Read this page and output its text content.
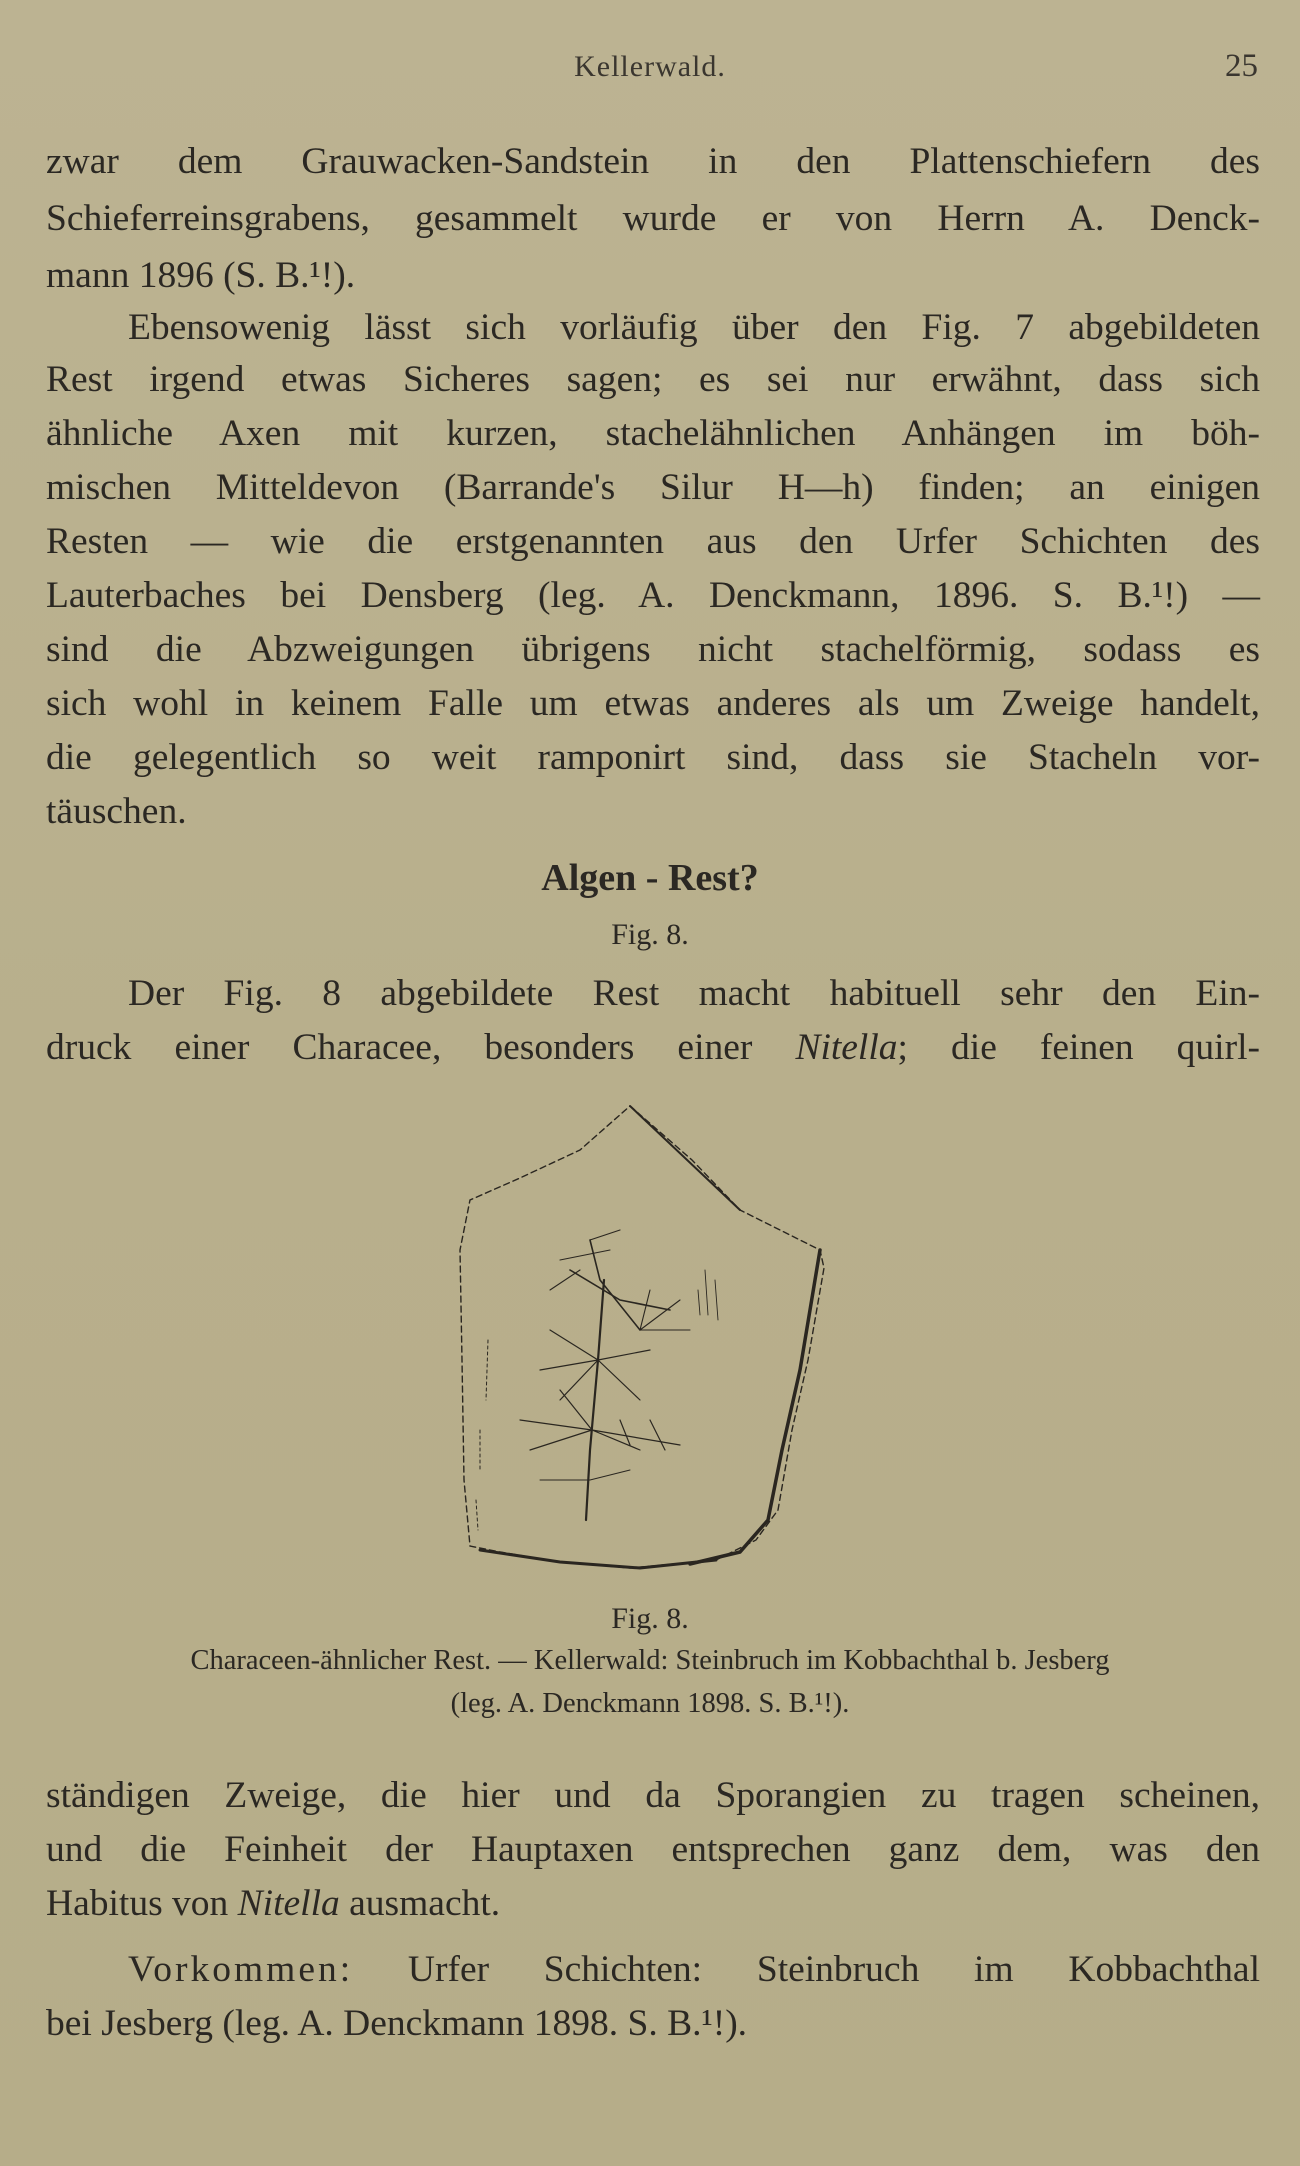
Kellerwald.	25
zwar dem Grauwacken-Sandstein in den Plattenschiefern des
Schieferreinsgrabens, gesammelt wurde er von Herrn A. Denck-
mann 1896 (S. B.¹!).
Ebensowenig lässt sich vorläufig über den Fig. 7 abgebildeten
Rest irgend etwas Sicheres sagen; es sei nur erwähnt, dass sich
ähnliche Axen mit kurzen, stachelähnlichen Anhängen im böh-
mischen Mitteldevon (Barrande's Silur H—h) finden; an einigen
Resten — wie die erstgenannten aus den Urfer Schichten des
Lauterbaches bei Densberg (leg. A. Denckmann, 1896. S. B.¹!) —
sind die Abzweigungen übrigens nicht stachelförmig, sodass es
sich wohl in keinem Falle um etwas anderes als um Zweige handelt,
die gelegentlich so weit ramponirt sind, dass sie Stacheln vor-
täuschen.
Algen - Rest?
Fig. 8.
Der Fig. 8 abgebildete Rest macht habituell sehr den Ein-
druck einer Characee, besonders einer Nitella; die feinen quirl-
Fig. 8.
Characeen-ähnlicher Rest. — Kellerwald: Steinbruch im Kobbachthal b. Jesberg
(leg. A. Denckmann 1898. S. B.¹!).
ständigen Zweige, die hier und da Sporangien zu tragen scheinen,
und die Feinheit der Hauptaxen entsprechen ganz dem, was den
Habitus von Nitella ausmacht.
Vorkommen: Urfer Schichten: Steinbruch im Kobbachthal
bei Jesberg (leg. A. Denckmann 1898. S. B.¹!).
